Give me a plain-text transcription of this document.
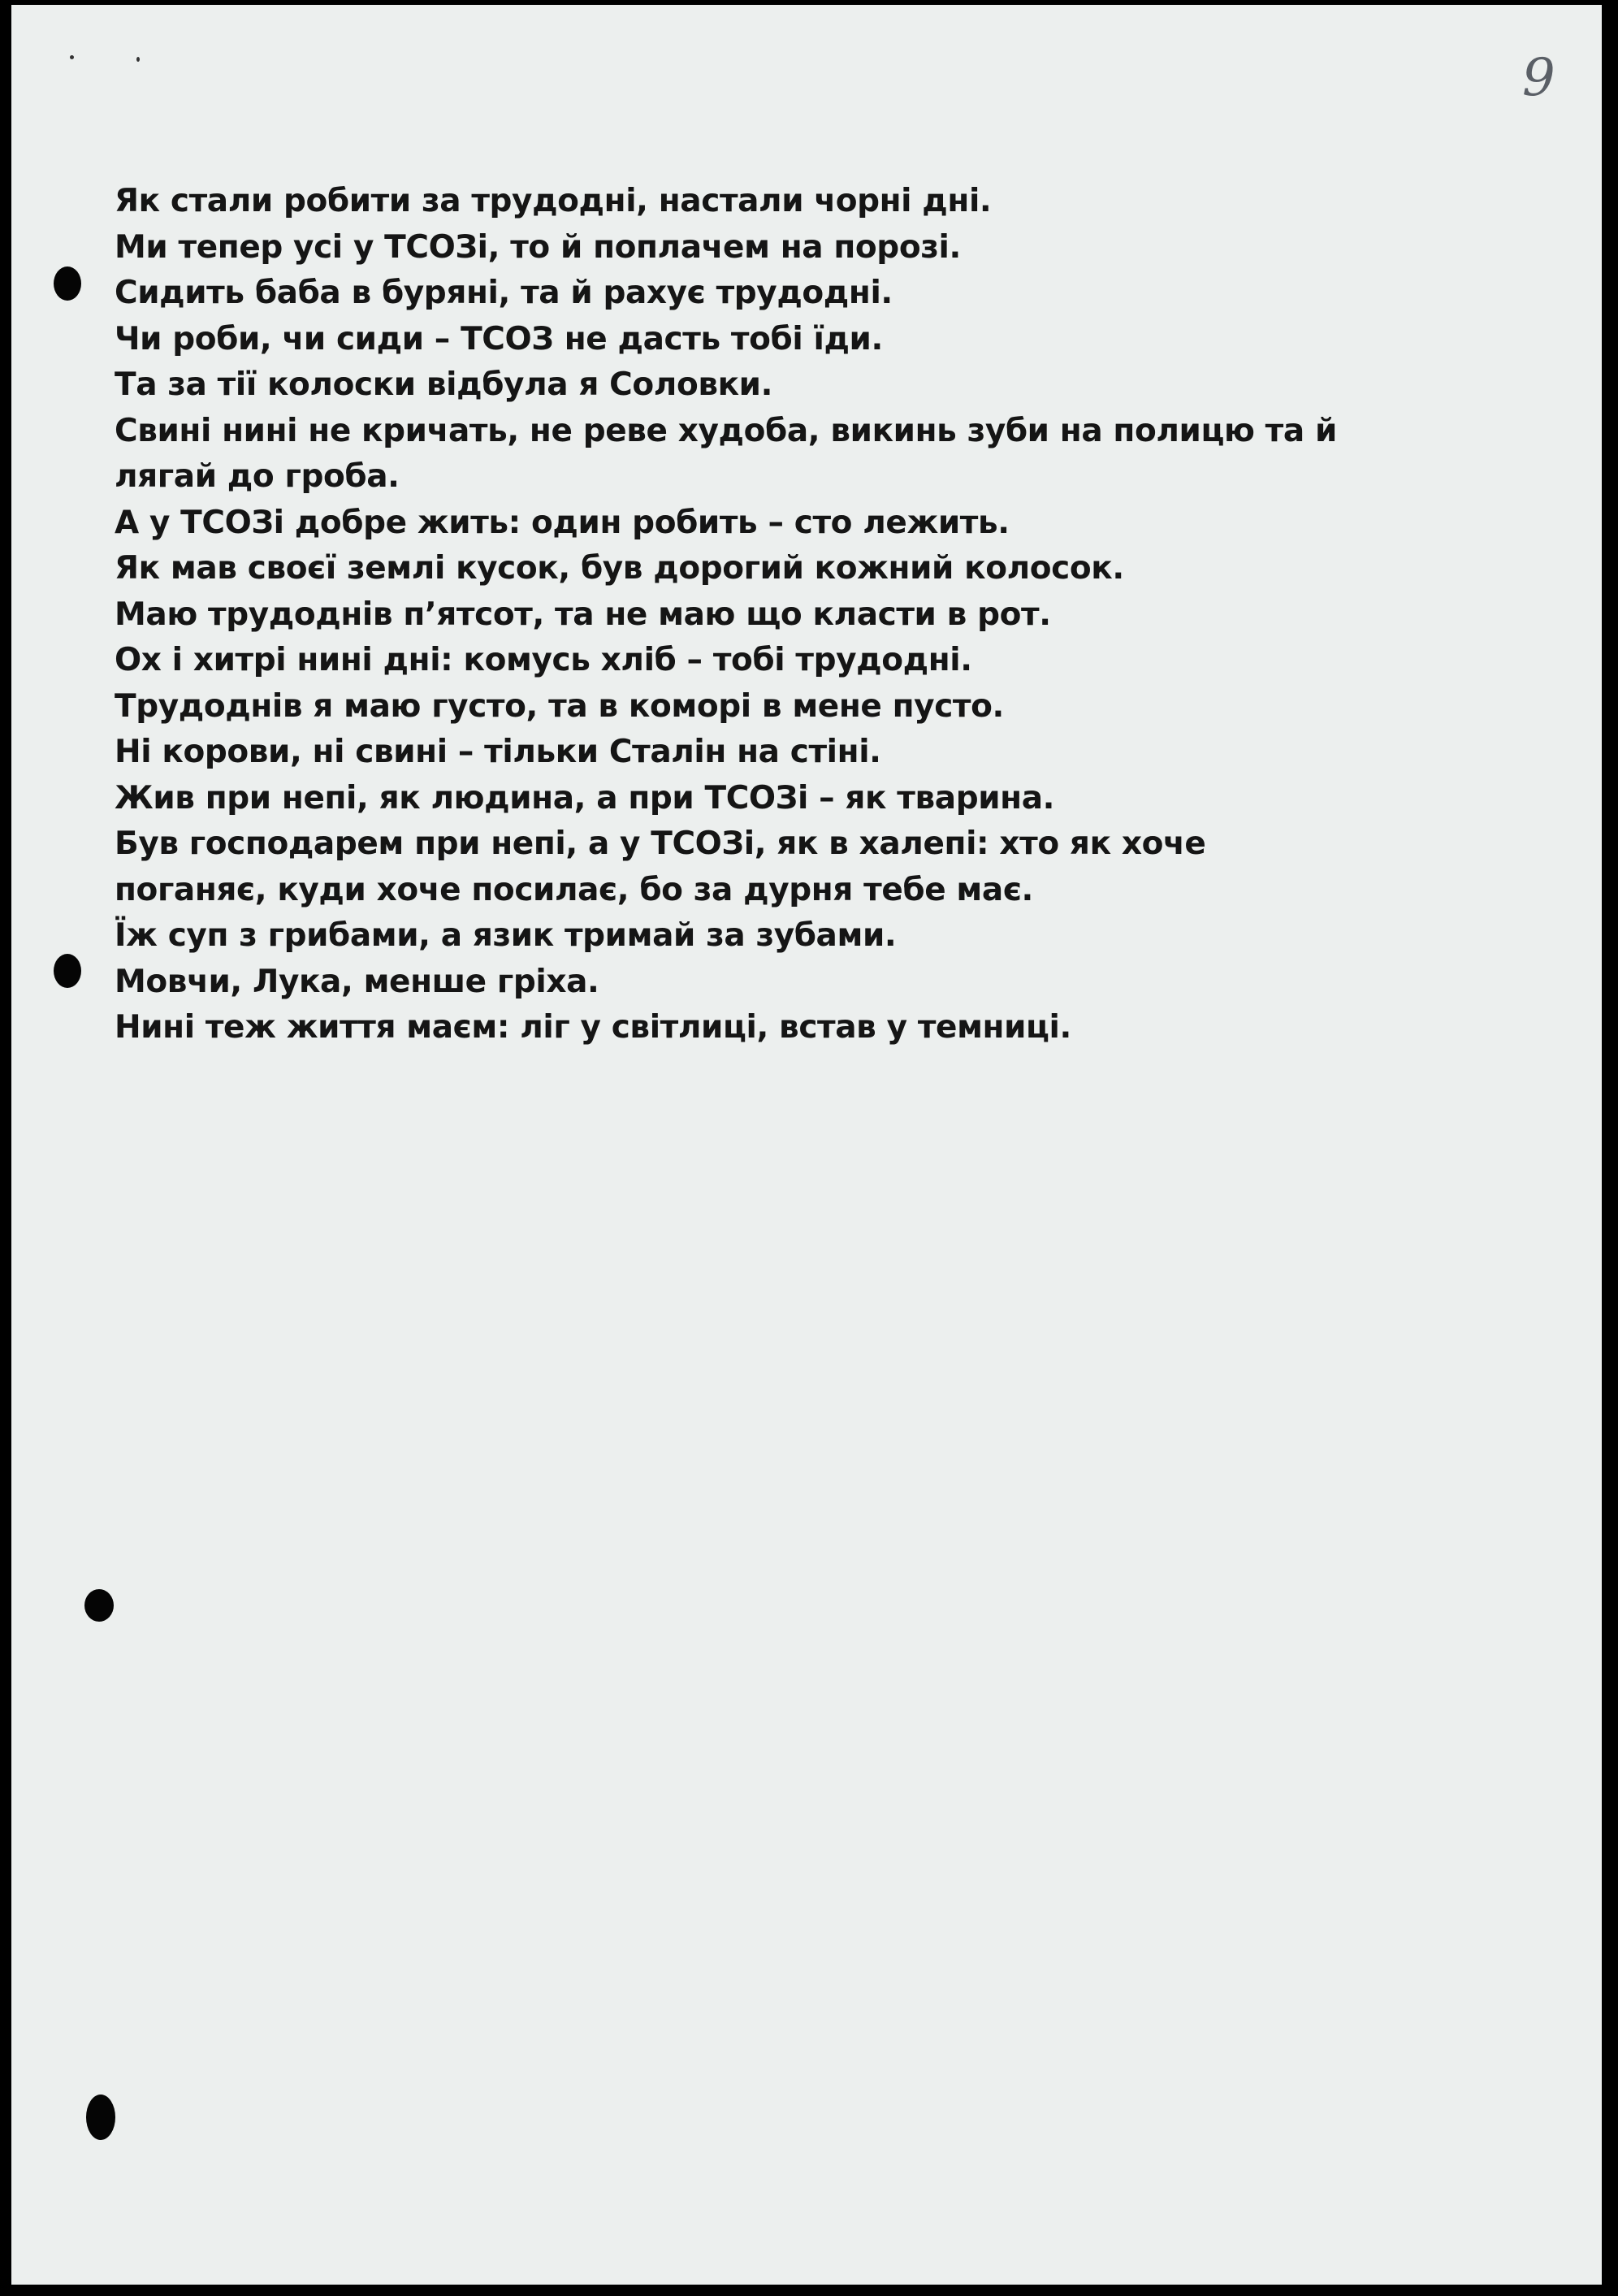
9
Як стали робити за трудодні, настали чорні дні.
Ми тепер усі у ТСОЗі, то й поплачем на порозі.
Сидить баба в буряні, та й рахує трудодні.
Чи роби, чи сиди – ТСОЗ не дасть тобі їди.
Та за тії колоски відбула я Соловки.
Свині нині не кричать, не реве худоба, викинь зуби на полицю та й
лягай до гроба.
А у ТСОЗі добре жить: один робить – сто лежить.
Як мав своєї землі кусок, був дорогий кожний колосок.
Маю трудоднів п’ятсот, та не маю що класти в рот.
Ох і хитрі нині дні: комусь хліб – тобі трудодні.
Трудоднів я маю густо, та в коморі в мене пусто.
Ні корови, ні свині – тільки Сталін на стіні.
Жив при непі, як людина, а при ТСОЗі – як тварина.
Був господарем при непі, а у ТСОЗі, як в халепі: хто як хоче
поганяє, куди хоче посилає, бо за дурня тебе має.
Їж суп з грибами, а язик тримай за зубами.
Мовчи, Лука, менше гріха.
Нині теж життя маєм: ліг у світлиці, встав у темниці.
